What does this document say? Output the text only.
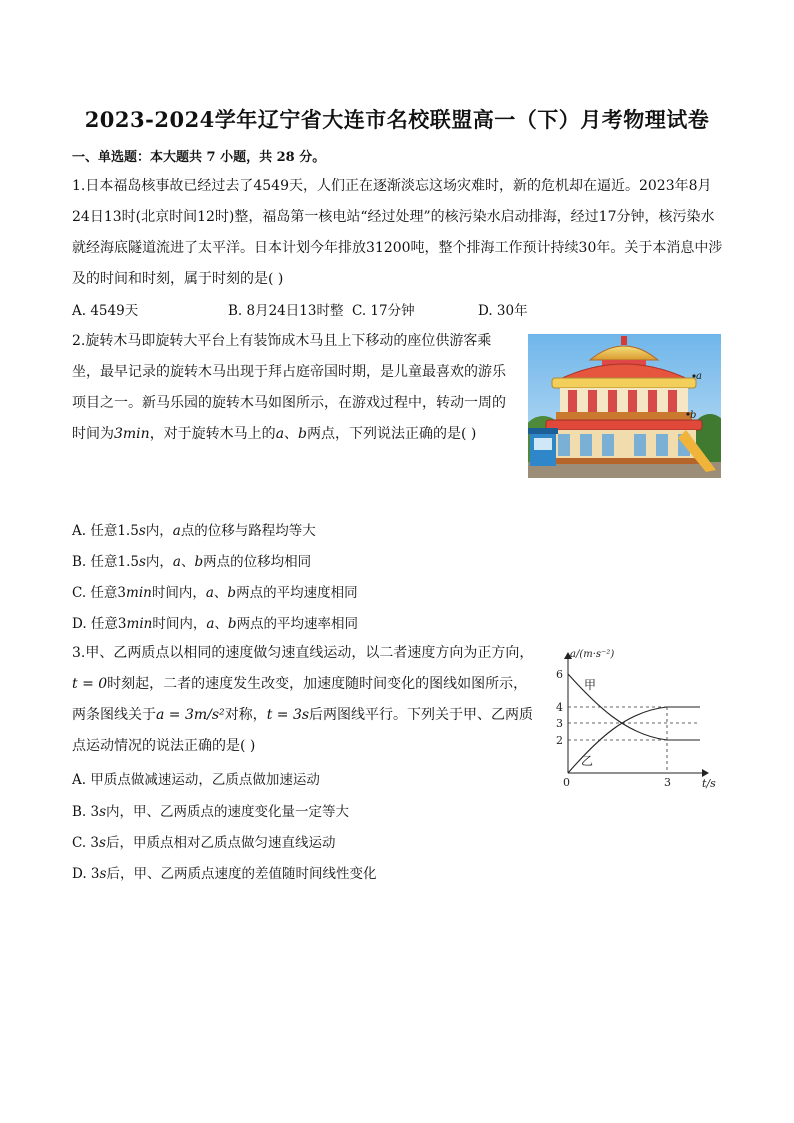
2023-2024学年辽宁省大连市名校联盟高一（下）月考物理试卷
一、单选题：本大题共 7 小题，共 28 分。

1.日本福岛核事故已经过去了4549天，人们正在逐渐淡忘这场灾难时，新的危机却在逼近。2023年8月24日13时(北京时间12时)整，福岛第一核电站“经过处理”的核污染水启动排海，经过17分钟，核污染水就经海底隧道流进了太平洋。日本计划今年排放31200吨，整个排海工作预计持续30年。关于本消息中涉及的时间和时刻，属于时刻的是( )

A. 4549天	B. 8月24日13时整 C. 17分钟	D. 30年

2.旋转木马即旋转大平台上有装饰成木马且上下移动的座位供游客乘坐，最早记录的旋转木马出现于拜占庭帝国时期，是儿童最喜欢的游乐项目之一。新马乐园的旋转木马如图所示，在游戏过程中，转动一周的时间为3min，对于旋转木马上的a、b两点，下列说法正确的是( )

a
b
A. 任意1.5s内，a点的位移与路程均等大
B. 任意1.5s内，a、b两点的位移均相同
C. 任意3min时间内，a、b两点的平均速度相同
D. 任意3min时间内，a、b两点的平均速率相同

3.甲、乙两质点以相同的速度做匀速直线运动，以二者速度方向为正方向，t = 0时刻起，二者的速度发生改变，加速度随时间变化的图线如图所示，两条图线关于a = 3m/s²对称，t = 3s后两图线平行。下列关于甲、乙两质点运动情况的说法正确的是( )

a/(m·s⁻²)
t/s
0	3
6
4
3
2
甲
乙
A. 甲质点做减速运动，乙质点做加速运动
B. 3s内，甲、乙两质点的速度变化量一定等大
C. 3s后，甲质点相对乙质点做匀速直线运动
D. 3s后，甲、乙两质点速度的差值随时间线性变化
